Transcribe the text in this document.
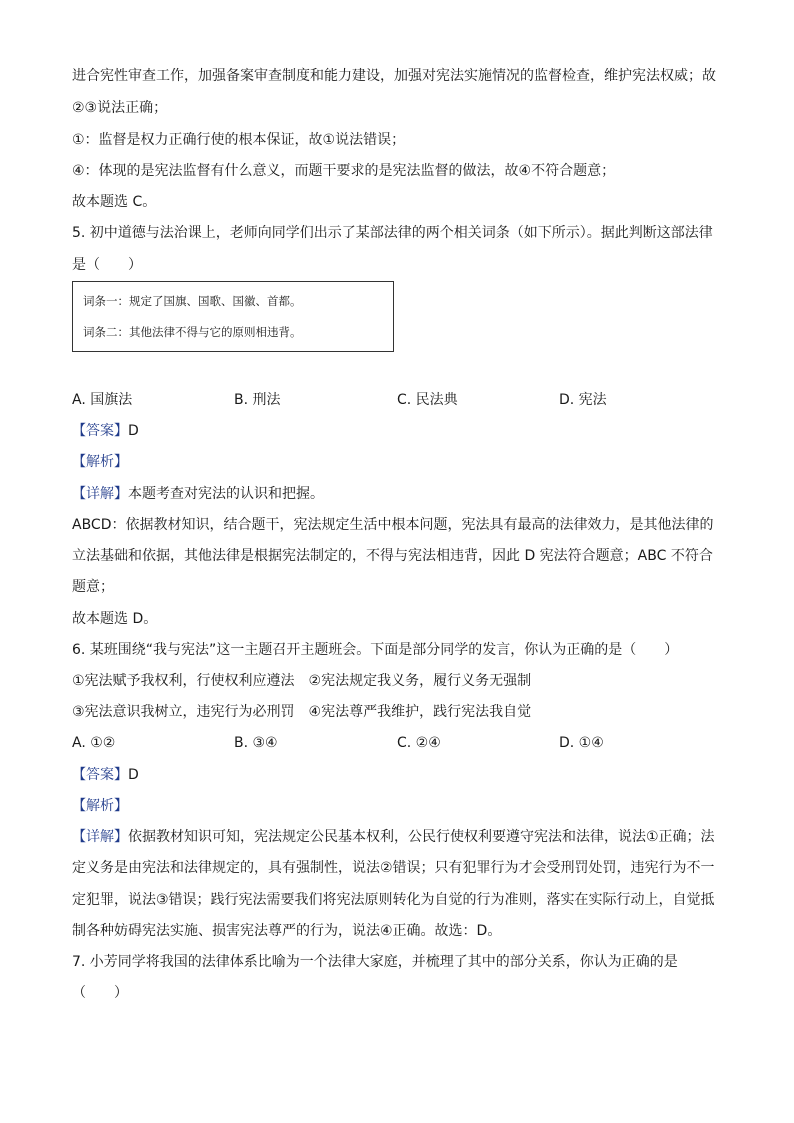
进合宪性审查工作，加强备案审查制度和能力建设，加强对宪法实施情况的监督检查，维护宪法权威；故
②③说法正确；
①：监督是权力正确行使的根本保证，故①说法错误；
④：体现的是宪法监督有什么意义，而题干要求的是宪法监督的做法，故④不符合题意；
故本题选 C。
5. 初中道德与法治课上，老师向同学们出示了某部法律的两个相关词条（如下所示）。据此判断这部法律
是（　　）
词条一：规定了国旗、国歌、国徽、首都。
词条二：其他法律不得与它的原则相违背。
A. 国旗法	B. 刑法	C. 民法典	D. 宪法
【答案】D
【解析】
【详解】本题考查对宪法的认识和把握。
ABCD：依据教材知识，结合题干，宪法规定生活中根本问题，宪法具有最高的法律效力，是其他法律的
立法基础和依据，其他法律是根据宪法制定的，不得与宪法相违背，因此 D 宪法符合题意；ABC 不符合
题意；
故本题选 D。
6. 某班围绕“我与宪法”这一主题召开主题班会。下面是部分同学的发言，你认为正确的是（　　）
①宪法赋予我权利，行使权利应遵法　②宪法规定我义务，履行义务无强制
③宪法意识我树立，违宪行为必刑罚　④宪法尊严我维护，践行宪法我自觉
A. ①②	B. ③④	C. ②④	D. ①④
【答案】D
【解析】
【详解】依据教材知识可知，宪法规定公民基本权利，公民行使权利要遵守宪法和法律，说法①正确；法
定义务是由宪法和法律规定的，具有强制性，说法②错误；只有犯罪行为才会受刑罚处罚，违宪行为不一
定犯罪，说法③错误；践行宪法需要我们将宪法原则转化为自觉的行为准则，落实在实际行动上，自觉抵
制各种妨碍宪法实施、损害宪法尊严的行为，说法④正确。故选：D。
7. 小芳同学将我国的法律体系比喻为一个法律大家庭，并梳理了其中的部分关系，你认为正确的是
（　　）
